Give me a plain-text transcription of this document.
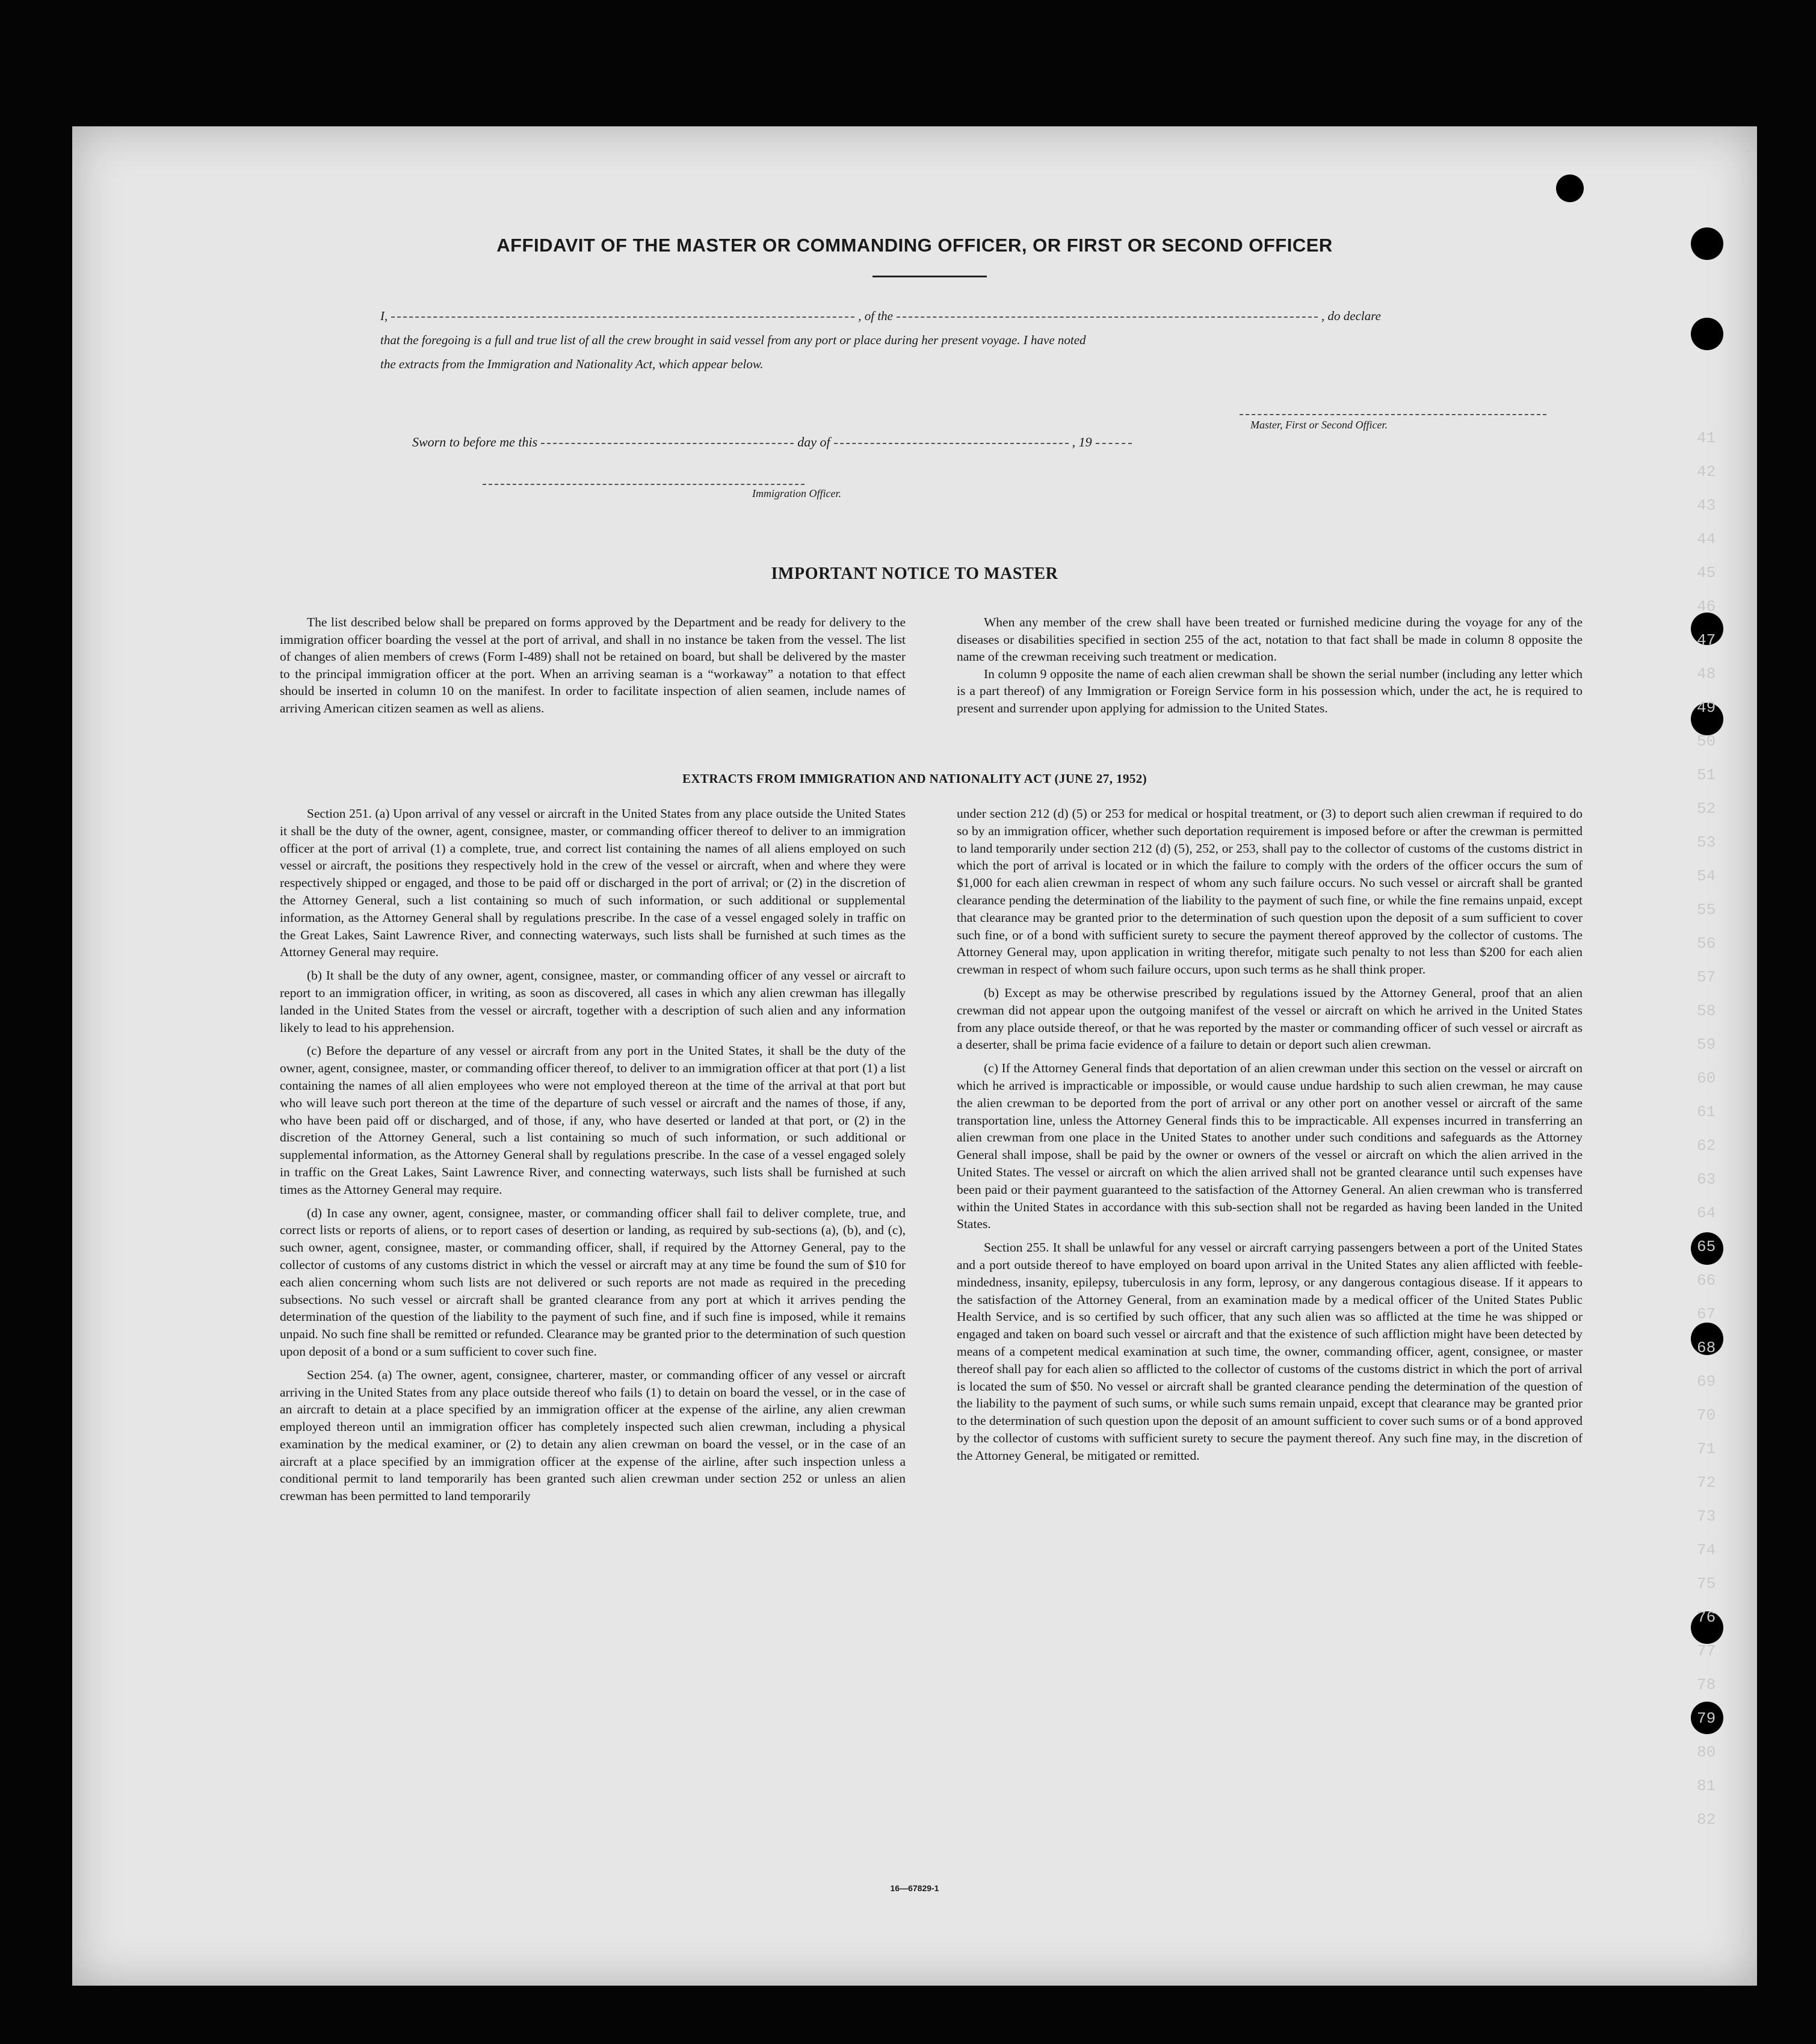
41
42
43
44
45
46
47
48
49
50
51
52
53
54
55
56
57
58
59
60
61
62
63
64
65
66
67
68
69
70
71
72
73
74
75
76
77
78
79
80
81
82
AFFIDAVIT OF THE MASTER OR COMMANDING OFFICER, OR FIRST OR SECOND OFFICER
I,	, of the	, do declare
that the foregoing is a full and true list of all the crew brought in said vessel from any port or place during her present voyage. I have noted
the extracts from the Immigration and Nationality Act, which appear below.
Master, First or Second Officer.
Sworn to before me this	day of	, 19
Immigration Officer.
IMPORTANT NOTICE TO MASTER

The list described below shall be prepared on forms approved by the Department and be ready for delivery to the immigration officer boarding the vessel at the port of arrival, and shall in no instance be taken from the vessel. The list of changes of alien members of crews (Form I-489) shall not be retained on board, but shall be delivered by the master to the principal immigration officer at the port. When an arriving seaman is a “workaway” a notation to that effect should be inserted in column 10 on the manifest. In order to facilitate inspection of alien seamen, include names of arriving American citizen seamen as well as aliens.

When any member of the crew shall have been treated or furnished medicine during the voyage for any of the diseases or disabilities specified in section 255 of the act, notation to that fact shall be made in column 8 opposite the name of the crewman receiving such treatment or medication.

In column 9 opposite the name of each alien crewman shall be shown the serial number (including any letter which is a part thereof) of any Immigration or Foreign Service form in his possession which, under the act, he is required to present and surrender upon applying for admission to the United States.

EXTRACTS FROM IMMIGRATION AND NATIONALITY ACT (JUNE 27, 1952)

Section 251. (a) Upon arrival of any vessel or aircraft in the United States from any place outside the United States it shall be the duty of the owner, agent, consignee, master, or commanding officer thereof to deliver to an immigration officer at the port of arrival (1) a complete, true, and correct list containing the names of all aliens employed on such vessel or aircraft, the positions they respectively hold in the crew of the vessel or aircraft, when and where they were respectively shipped or engaged, and those to be paid off or discharged in the port of arrival; or (2) in the discretion of the Attorney General, such a list containing so much of such information, or such additional or supplemental information, as the Attorney General shall by regulations prescribe. In the case of a vessel engaged solely in traffic on the Great Lakes, Saint Lawrence River, and connecting waterways, such lists shall be furnished at such times as the Attorney General may require.

(b) It shall be the duty of any owner, agent, consignee, master, or commanding officer of any vessel or aircraft to report to an immigration officer, in writing, as soon as discovered, all cases in which any alien crewman has illegally landed in the United States from the vessel or aircraft, together with a description of such alien and any information likely to lead to his apprehension.

(c) Before the departure of any vessel or aircraft from any port in the United States, it shall be the duty of the owner, agent, consignee, master, or commanding officer thereof, to deliver to an immigration officer at that port (1) a list containing the names of all alien employees who were not employed thereon at the time of the arrival at that port but who will leave such port thereon at the time of the departure of such vessel or aircraft and the names of those, if any, who have been paid off or discharged, and of those, if any, who have deserted or landed at that port, or (2) in the discretion of the Attorney General, such a list containing so much of such information, or such additional or supplemental information, as the Attorney General shall by regulations prescribe. In the case of a vessel engaged solely in traffic on the Great Lakes, Saint Lawrence River, and connecting waterways, such lists shall be furnished at such times as the Attorney General may require.

(d) In case any owner, agent, consignee, master, or commanding officer shall fail to deliver complete, true, and correct lists or reports of aliens, or to report cases of desertion or landing, as required by sub-sections (a), (b), and (c), such owner, agent, consignee, master, or commanding officer, shall, if required by the Attorney General, pay to the collector of customs of any customs district in which the vessel or aircraft may at any time be found the sum of $10 for each alien concerning whom such lists are not delivered or such reports are not made as required in the preceding subsections. No such vessel or aircraft shall be granted clearance from any port at which it arrives pending the determination of the question of the liability to the payment of such fine, and if such fine is imposed, while it remains unpaid. No such fine shall be remitted or refunded. Clearance may be granted prior to the determination of such question upon deposit of a bond or a sum sufficient to cover such fine.

Section 254. (a) The owner, agent, consignee, charterer, master, or commanding officer of any vessel or aircraft arriving in the United States from any place outside thereof who fails (1) to detain on board the vessel, or in the case of an aircraft to detain at a place specified by an immigration officer at the expense of the airline, any alien crewman employed thereon until an immigration officer has completely inspected such alien crewman, including a physical examination by the medical examiner, or (2) to detain any alien crewman on board the vessel, or in the case of an aircraft at a place specified by an immigration officer at the expense of the airline, after such inspection unless a conditional permit to land temporarily has been granted such alien crewman under section 252 or unless an alien crewman has been permitted to land temporarily

under section 212 (d) (5) or 253 for medical or hospital treatment, or (3) to deport such alien crewman if required to do so by an immigration officer, whether such deportation requirement is imposed before or after the crewman is permitted to land temporarily under section 212 (d) (5), 252, or 253, shall pay to the collector of customs of the customs district in which the port of arrival is located or in which the failure to comply with the orders of the officer occurs the sum of $1,000 for each alien crewman in respect of whom any such failure occurs. No such vessel or aircraft shall be granted clearance pending the determination of the liability to the payment of such fine, or while the fine remains unpaid, except that clearance may be granted prior to the determination of such question upon the deposit of a sum sufficient to cover such fine, or of a bond with sufficient surety to secure the payment thereof approved by the collector of customs. The Attorney General may, upon application in writing therefor, mitigate such penalty to not less than $200 for each alien crewman in respect of whom such failure occurs, upon such terms as he shall think proper.

(b) Except as may be otherwise prescribed by regulations issued by the Attorney General, proof that an alien crewman did not appear upon the outgoing manifest of the vessel or aircraft on which he arrived in the United States from any place outside thereof, or that he was reported by the master or commanding officer of such vessel or aircraft as a deserter, shall be prima facie evidence of a failure to detain or deport such alien crewman.

(c) If the Attorney General finds that deportation of an alien crewman under this section on the vessel or aircraft on which he arrived is impracticable or impossible, or would cause undue hardship to such alien crewman, he may cause the alien crewman to be deported from the port of arrival or any other port on another vessel or aircraft of the same transportation line, unless the Attorney General finds this to be impracticable. All expenses incurred in transferring an alien crewman from one place in the United States to another under such conditions and safeguards as the Attorney General shall impose, shall be paid by the owner or owners of the vessel or aircraft on which the alien arrived in the United States. The vessel or aircraft on which the alien arrived shall not be granted clearance until such expenses have been paid or their payment guaranteed to the satisfaction of the Attorney General. An alien crewman who is transferred within the United States in accordance with this sub-section shall not be regarded as having been landed in the United States.

Section 255. It shall be unlawful for any vessel or aircraft carrying passengers between a port of the United States and a port outside thereof to have employed on board upon arrival in the United States any alien afflicted with feeble-mindedness, insanity, epilepsy, tuberculosis in any form, leprosy, or any dangerous contagious disease. If it appears to the satisfaction of the Attorney General, from an examination made by a medical officer of the United States Public Health Service, and is so certified by such officer, that any such alien was so afflicted at the time he was shipped or engaged and taken on board such vessel or aircraft and that the existence of such affliction might have been detected by means of a competent medical examination at such time, the owner, commanding officer, agent, consignee, or master thereof shall pay for each alien so afflicted to the collector of customs of the customs district in which the port of arrival is located the sum of $50. No vessel or aircraft shall be granted clearance pending the determination of the question of the liability to the payment of such sums, or while such sums remain unpaid, except that clearance may be granted prior to the determination of such question upon the deposit of an amount sufficient to cover such sums or of a bond approved by the collector of customs with sufficient surety to secure the payment thereof. Any such fine may, in the discretion of the Attorney General, be mitigated or remitted.

16—67829-1
